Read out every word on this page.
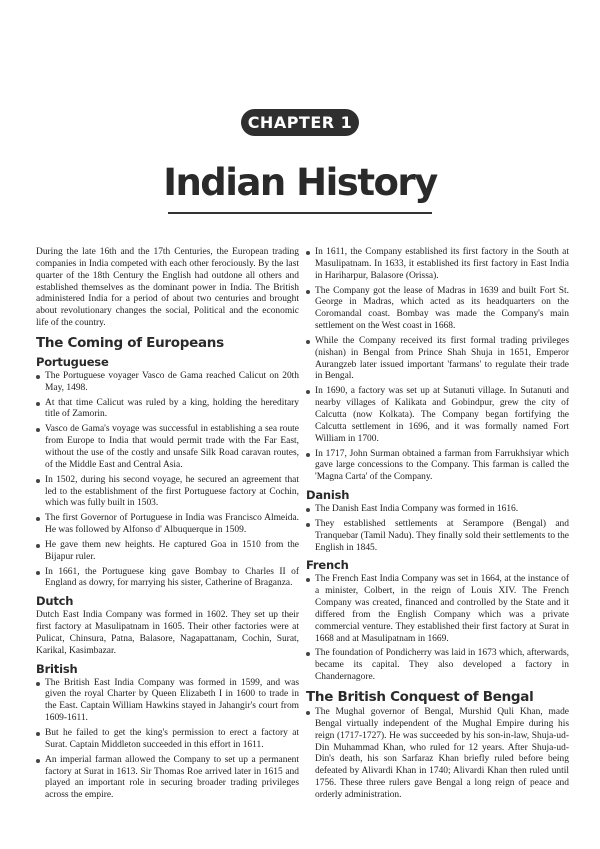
CHAPTER 1
Indian History

During the late 16th and the 17th Centuries, the European trading companies in India competed with each other ferociously. By the last quarter of the 18th Century the English had outdone all others and established themselves as the dominant power in India. The British administered India for a period of about two centuries and brought about revolutionary changes the social, Political and the economic life of the country.

The Coming of Europeans
Portuguese
The Portuguese voyager Vasco de Gama reached Calicut on 20th May, 1498.
At that time Calicut was ruled by a king, holding the hereditary title of Zamorin.
Vasco de Gama's voyage was successful in establishing a sea route from Europe to India that would permit trade with the Far East, without the use of the costly and unsafe Silk Road caravan routes, of the Middle East and Central Asia.
In 1502, during his second voyage, he secured an agreement that led to the establishment of the first Portuguese factory at Cochin, which was fully built in 1503.
The first Governor of Portuguese in India was Francisco Almeida. He was followed by Alfonso d' Albuquerque in 1509.
He gave them new heights. He captured Goa in 1510 from the Bijapur ruler.
In 1661, the Portuguese king gave Bombay to Charles II of England as dowry, for marrying his sister, Catherine of Braganza.
Dutch

Dutch East India Company was formed in 1602. They set up their first factory at Masulipatnam in 1605. Their other factories were at Pulicat, Chinsura, Patna, Balasore, Nagapattanam, Cochin, Surat, Karikal, Kasimbazar.

British
The British East India Company was formed in 1599, and was given the royal Charter by Queen Elizabeth I in 1600 to trade in the East. Captain William Hawkins stayed in Jahangir's court from 1609-1611.
But he failed to get the king's permission to erect a factory at Surat. Captain Middleton succeeded in this effort in 1611.
An imperial farman allowed the Company to set up a permanent factory at Surat in 1613. Sir Thomas Roe arrived later in 1615 and played an important role in securing broader trading privileges across the empire.
In 1611, the Company established its first factory in the South at Masulipatnam. In 1633, it established its first factory in East India in Hariharpur, Balasore (Orissa).
The Company got the lease of Madras in 1639 and built Fort St. George in Madras, which acted as its headquarters on the Coromandal coast. Bombay was made the Company's main settlement on the West coast in 1668.
While the Company received its first formal trading privileges (nishan) in Bengal from Prince Shah Shuja in 1651, Emperor Aurangzeb later issued important 'farmans' to regulate their trade in Bengal.
In 1690, a factory was set up at Sutanuti village. In Sutanuti and nearby villages of Kalikata and Gobindpur, grew the city of Calcutta (now Kolkata). The Company began fortifying the Calcutta settlement in 1696, and it was formally named Fort William in 1700.
In 1717, John Surman obtained a farman from Farrukhsiyar which gave large concessions to the Company. This farman is called the 'Magna Carta' of the Company.
Danish
The Danish East India Company was formed in 1616.
They established settlements at Serampore (Bengal) and Tranquebar (Tamil Nadu). They finally sold their settlements to the English in 1845.
French
The French East India Company was set in 1664, at the instance of a minister, Colbert, in the reign of Louis XIV. The French Company was created, financed and controlled by the State and it differed from the English Company which was a private commercial venture. They established their first factory at Surat in 1668 and at Masulipatnam in 1669.
The foundation of Pondicherry was laid in 1673 which, afterwards, became its capital. They also developed a factory in Chandernagore.
The British Conquest of Bengal
The Mughal governor of Bengal, Murshid Quli Khan, made Bengal virtually independent of the Mughal Empire during his reign (1717-1727). He was succeeded by his son-in-law, Shuja-ud-Din Muhammad Khan, who ruled for 12 years. After Shuja-ud-Din's death, his son Sarfaraz Khan briefly ruled before being defeated by Alivardi Khan in 1740; Alivardi Khan then ruled until 1756. These three rulers gave Bengal a long reign of peace and orderly administration.
